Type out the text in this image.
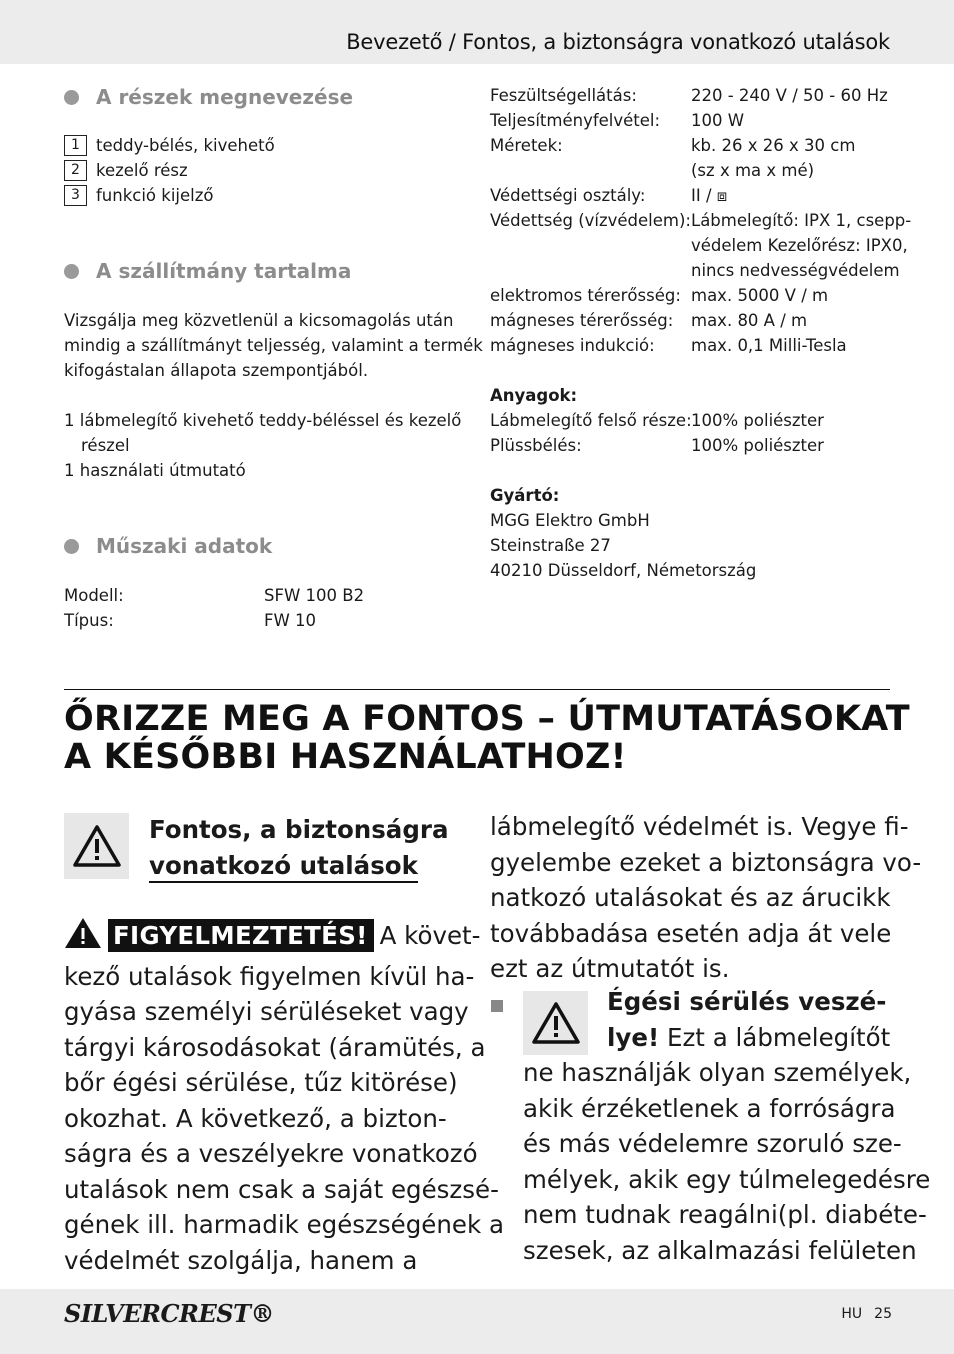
Bevezető / Fontos, a biztonságra vonatkozó utalások
A részek megnevezése
1 teddy-bélés, kivehető
2 kezelő rész
3 funkció kijelző
A szállítmány tartalma
Vizsgálja meg közvetlenül a kicsomagolás után
mindig a szállítmányt teljesség, valamint a termék
kifogástalan állapota szempontjából.
1 lábmelegítő kivehető teddy-béléssel és kezelő
részel
1 használati útmutató
Műszaki adatok
Modell:	SFW 100 B2
Típus:	FW 10
Feszültségellátás:	220 - 240 V / 50 - 60 Hz
Teljesítményfelvétel:	100 W
Méretek:	kb. 26 x 26 x 30 cm
(sz x ma x mé)
Védettségi osztály:	II / ⧈
Védettség (vízvédelem): Lábmelegítő: IPX 1, csepp-
védelem Kezelőrész: IPX0,
nincs nedvességvédelem
elektromos térerősség: max. 5000 V / m
mágneses térerősség:	max. 80 A / m
mágneses indukció:	max. 0,1 Milli-Tesla
Anyagok:
Lábmelegítő felső része: 100% poliészter
Plüssbélés:	100% poliészter
Gyártó:
MGG Elektro GmbH
Steinstraße 27
40210 Düsseldorf, Németország
ŐRIZZE MEG A FONTOS – ÚTMUTATÁSOKAT
A KÉSŐBBI HASZNÁLATHOZ!
Fontos, a biztonságra
vonatkozó utalások
FIGYELMEZTETÉS! A követ-
kező utalások figyelmen kívül ha-
gyása személyi sérüléseket vagy
tárgyi károsodásokat (áramütés, a
bőr égési sérülése, tűz kitörése)
okozhat. A következő, a bizton-
ságra és a veszélyekre vonatkozó
utalások nem csak a saját egészsé-
gének ill. harmadik egészségének a
védelmét szolgálja, hanem a
lábmelegítő védelmét is. Vegye fi-
gyelembe ezeket a biztonságra vo-
natkozó utalásokat és az árucikk
továbbadása esetén adja át vele
ezt az útmutatót is.
Égési sérülés veszé-
lye! Ezt a lábmelegítőt
ne használják olyan személyek,
akik érzéketlenek a forróságra
és más védelemre szoruló sze-
mélyek, akik egy túlmelegedésre
nem tudnak reagálni(pl. diabéte-
szesek, az alkalmazási felületen
SILVERCREST®	HU 25
